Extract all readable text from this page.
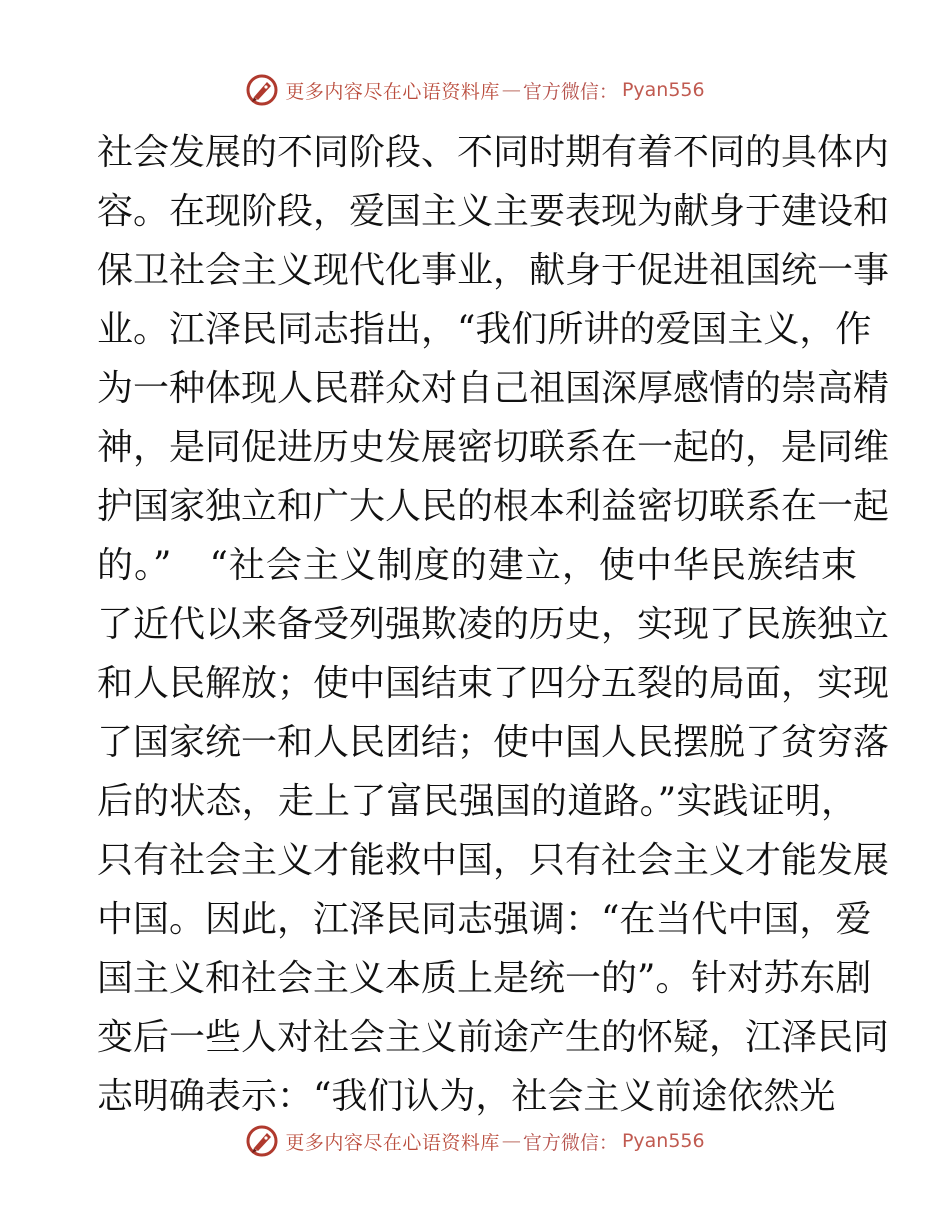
更多内容尽在心语资料库 — 官方微信： Pyan556
社会发展的不同阶段、不同时期有着不同的具体内
容。在现阶段，爱国主义主要表现为献身于建设和
保卫社会主义现代化事业，献身于促进祖国统一事
业。江泽民同志指出，“我们所讲的爱国主义，作
为一种体现人民群众对自己祖国深厚感情的崇高精
神，是同促进历史发展密切联系在一起的，是同维
护国家独立和广大人民的根本利益密切联系在一起
的。”　“社会主义制度的建立，使中华民族结束
了近代以来备受列强欺凌的历史，实现了民族独立
和人民解放；使中国结束了四分五裂的局面，实现
了国家统一和人民团结；使中国人民摆脱了贫穷落
后的状态，走上了富民强国的道路。”实践证明，
只有社会主义才能救中国，只有社会主义才能发展
中国。因此，江泽民同志强调：“在当代中国，爱
国主义和社会主义本质上是统一的”。针对苏东剧
变后一些人对社会主义前途产生的怀疑，江泽民同
志明确表示：“我们认为，社会主义前途依然光
更多内容尽在心语资料库 — 官方微信： Pyan556
